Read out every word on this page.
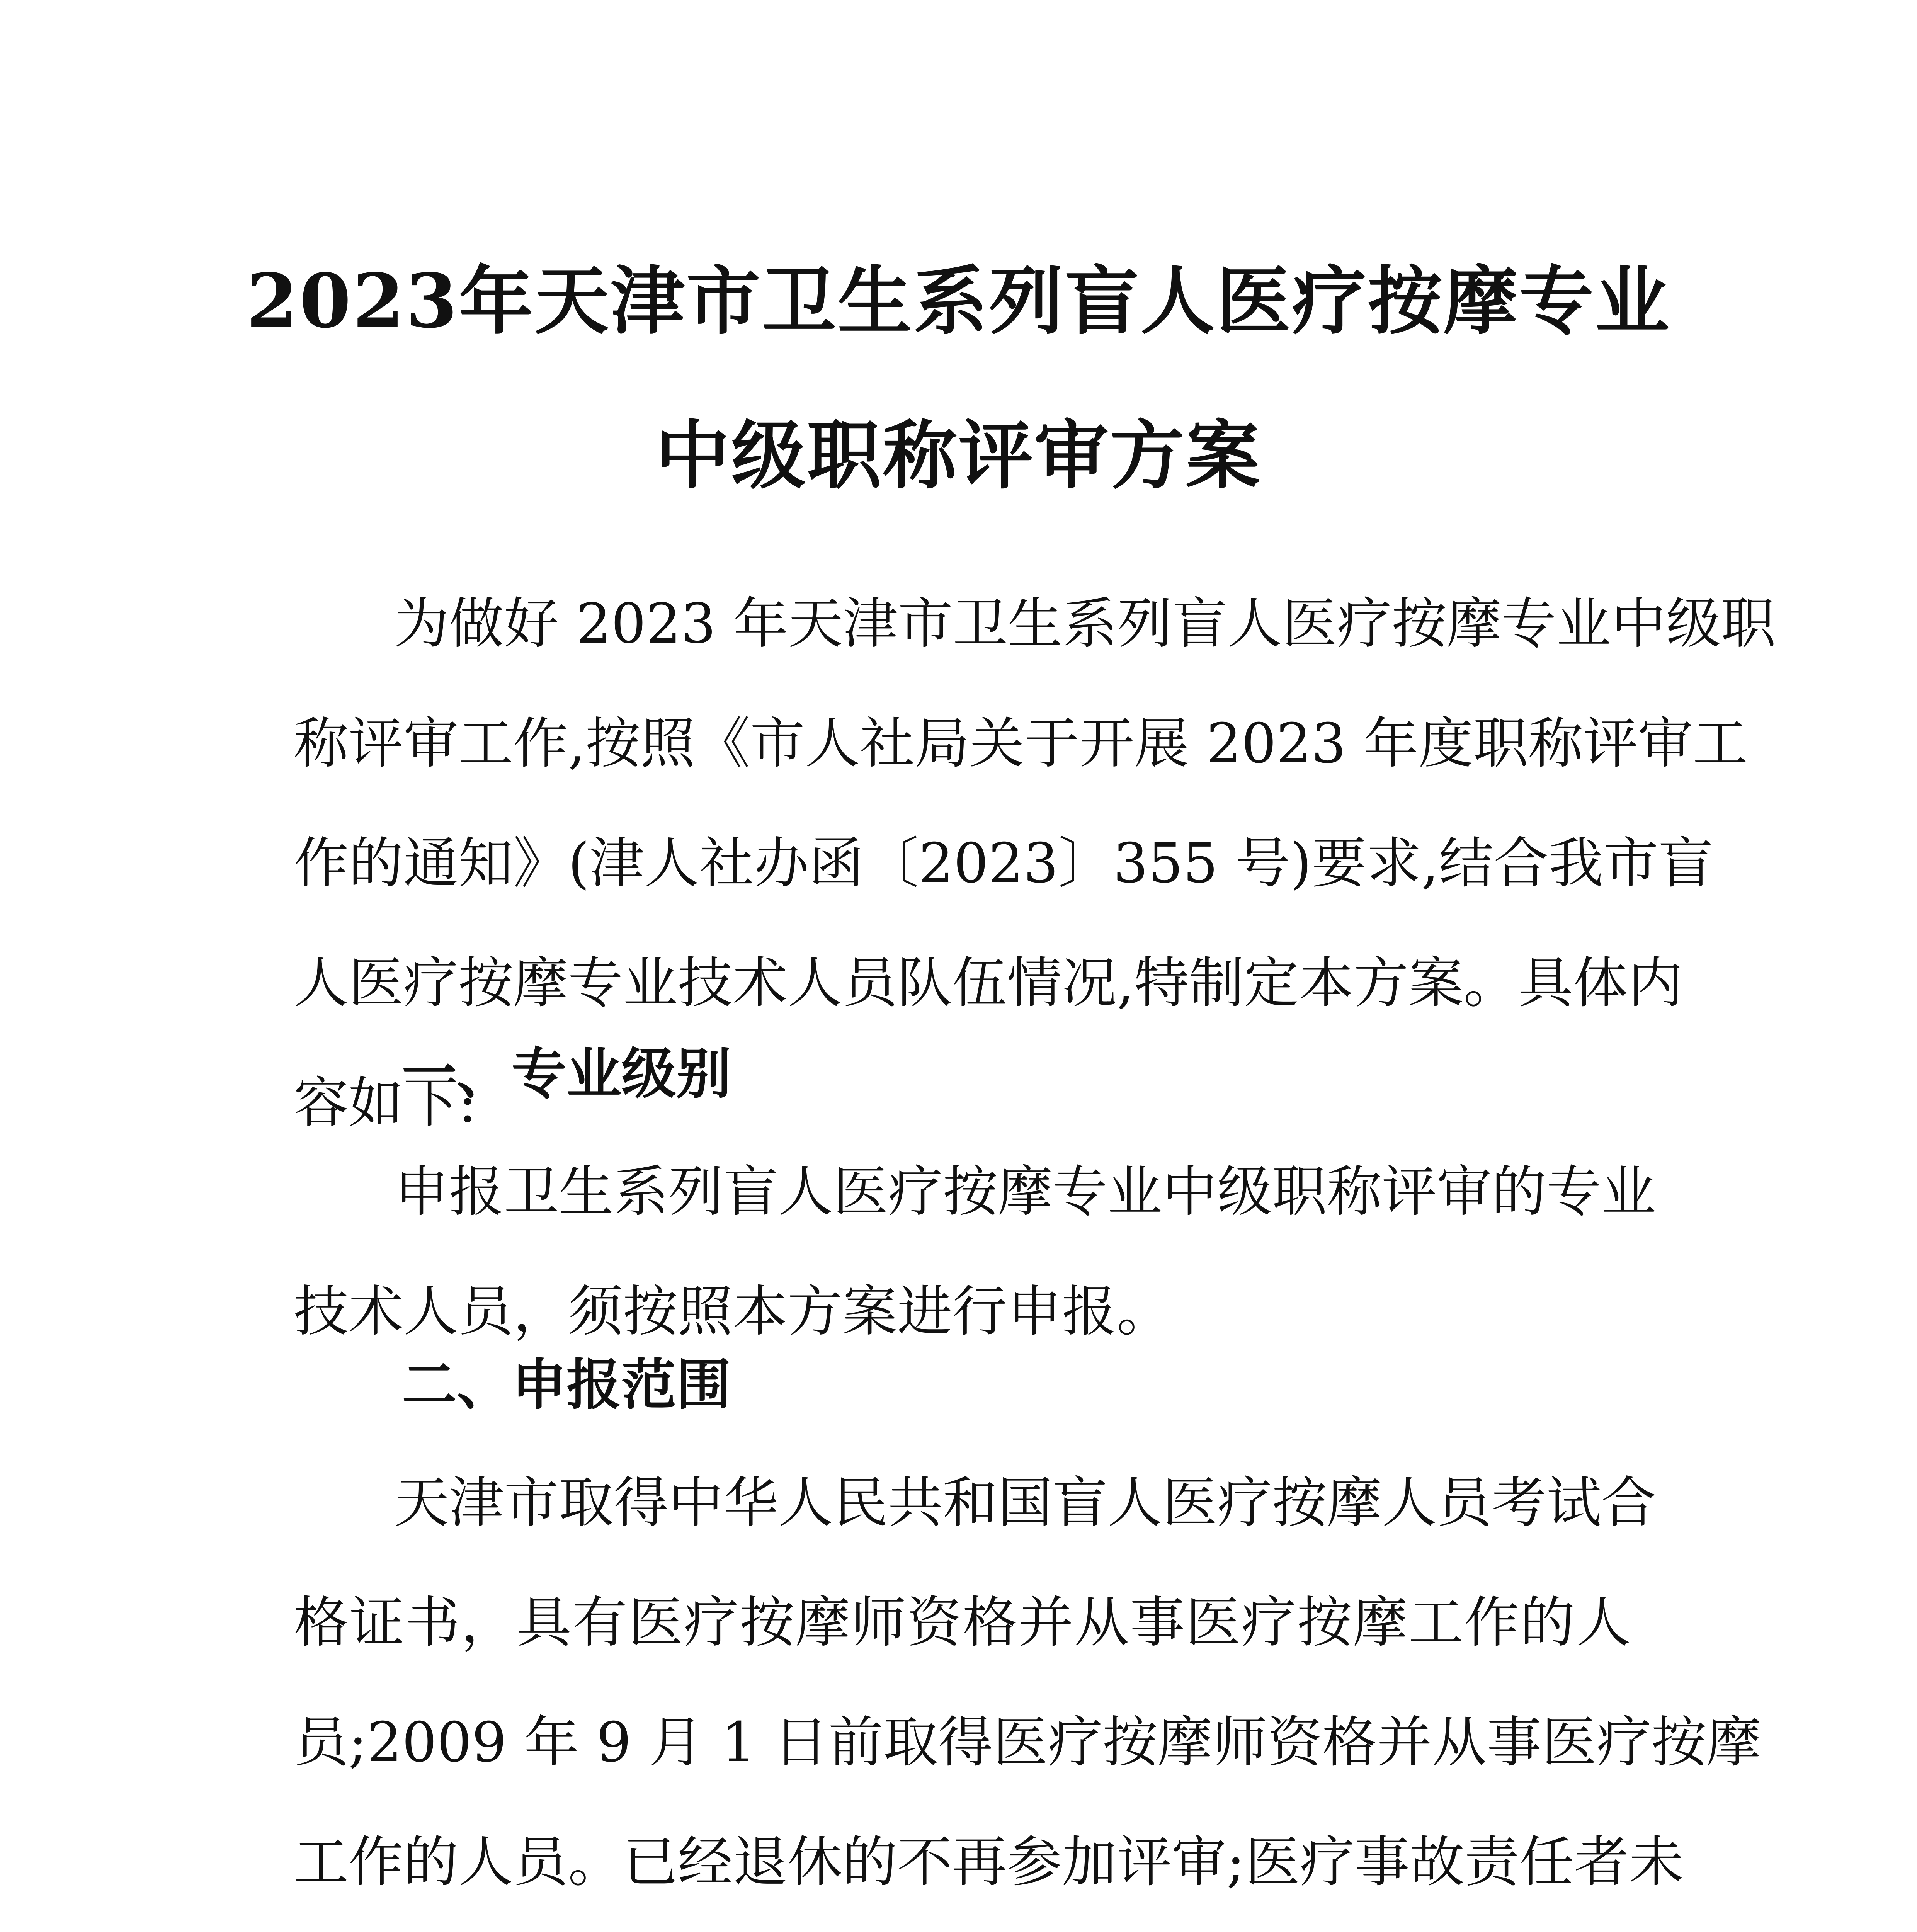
2023年天津市卫生系列盲人医疗按摩专业
中级职称评审方案
为做好 2023 年天津市卫生系列盲人医疗按摩专业中级职
称评审工作,按照《市人社局关于开展 2023 年度职称评审工
作的通知》(津人社办函〔2023〕355 号)要求,结合我市盲
人医疗按摩专业技术人员队伍情况,特制定本方案。具体内
容如下:
一、专业级别
申报卫生系列盲人医疗按摩专业中级职称评审的专业
技术人员，须按照本方案进行申报。
二、申报范围
天津市取得中华人民共和国盲人医疗按摩人员考试合
格证书，具有医疗按摩师资格并从事医疗按摩工作的人
员;2009 年 9 月 1 日前取得医疗按摩师资格并从事医疗按摩
工作的人员。已经退休的不再参加评审;医疗事故责任者未
